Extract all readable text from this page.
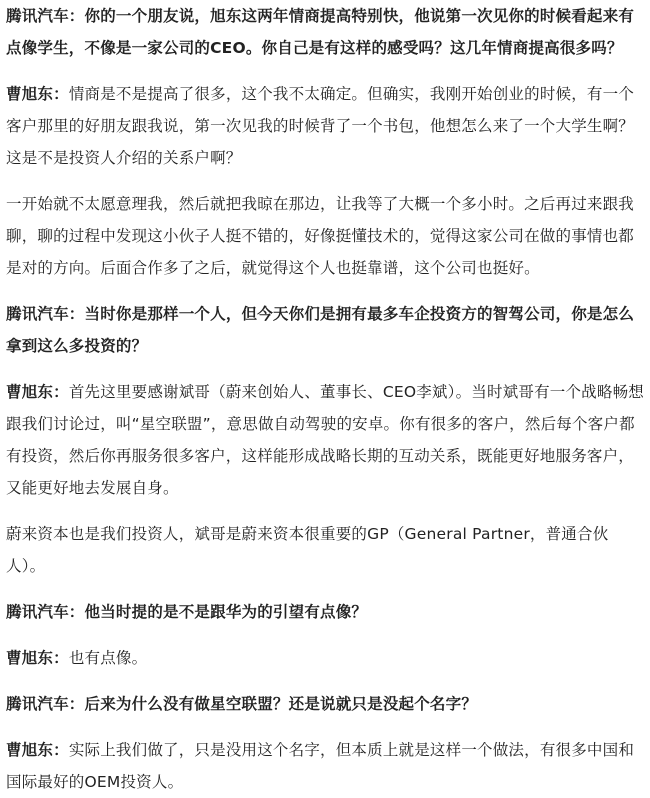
腾讯汽车：你的一个朋友说，旭东这两年情商提高特别快，他说第一次见你的时候看起来有点像学生，不像是一家公司的CEO。你自己是有这样的感受吗？这几年情商提高很多吗？

曹旭东：情商是不是提高了很多，这个我不太确定。但确实，我刚开始创业的时候，有一个客户那里的好朋友跟我说，第一次见我的时候背了一个书包，他想怎么来了一个大学生啊？这是不是投资人介绍的关系户啊？

一开始就不太愿意理我，然后就把我晾在那边，让我等了大概一个多小时。之后再过来跟我聊，聊的过程中发现这小伙子人挺不错的，好像挺懂技术的，觉得这家公司在做的事情也都是对的方向。后面合作多了之后，就觉得这个人也挺靠谱，这个公司也挺好。

腾讯汽车：当时你是那样一个人，但今天你们是拥有最多车企投资方的智驾公司，你是怎么拿到这么多投资的？

曹旭东：首先这里要感谢斌哥（蔚来创始人、董事长、CEO李斌）。当时斌哥有一个战略畅想跟我们讨论过，叫“星空联盟”，意思做自动驾驶的安卓。你有很多的客户，然后每个客户都有投资，然后你再服务很多客户，这样能形成战略长期的互动关系，既能更好地服务客户，又能更好地去发展自身。

蔚来资本也是我们投资人，斌哥是蔚来资本很重要的GP（General Partner，普通合伙人）。

腾讯汽车：他当时提的是不是跟华为的引望有点像？

曹旭东：也有点像。

腾讯汽车：后来为什么没有做星空联盟？还是说就只是没起个名字？

曹旭东：实际上我们做了，只是没用这个名字，但本质上就是这样一个做法，有很多中国和国际最好的OEM投资人。
